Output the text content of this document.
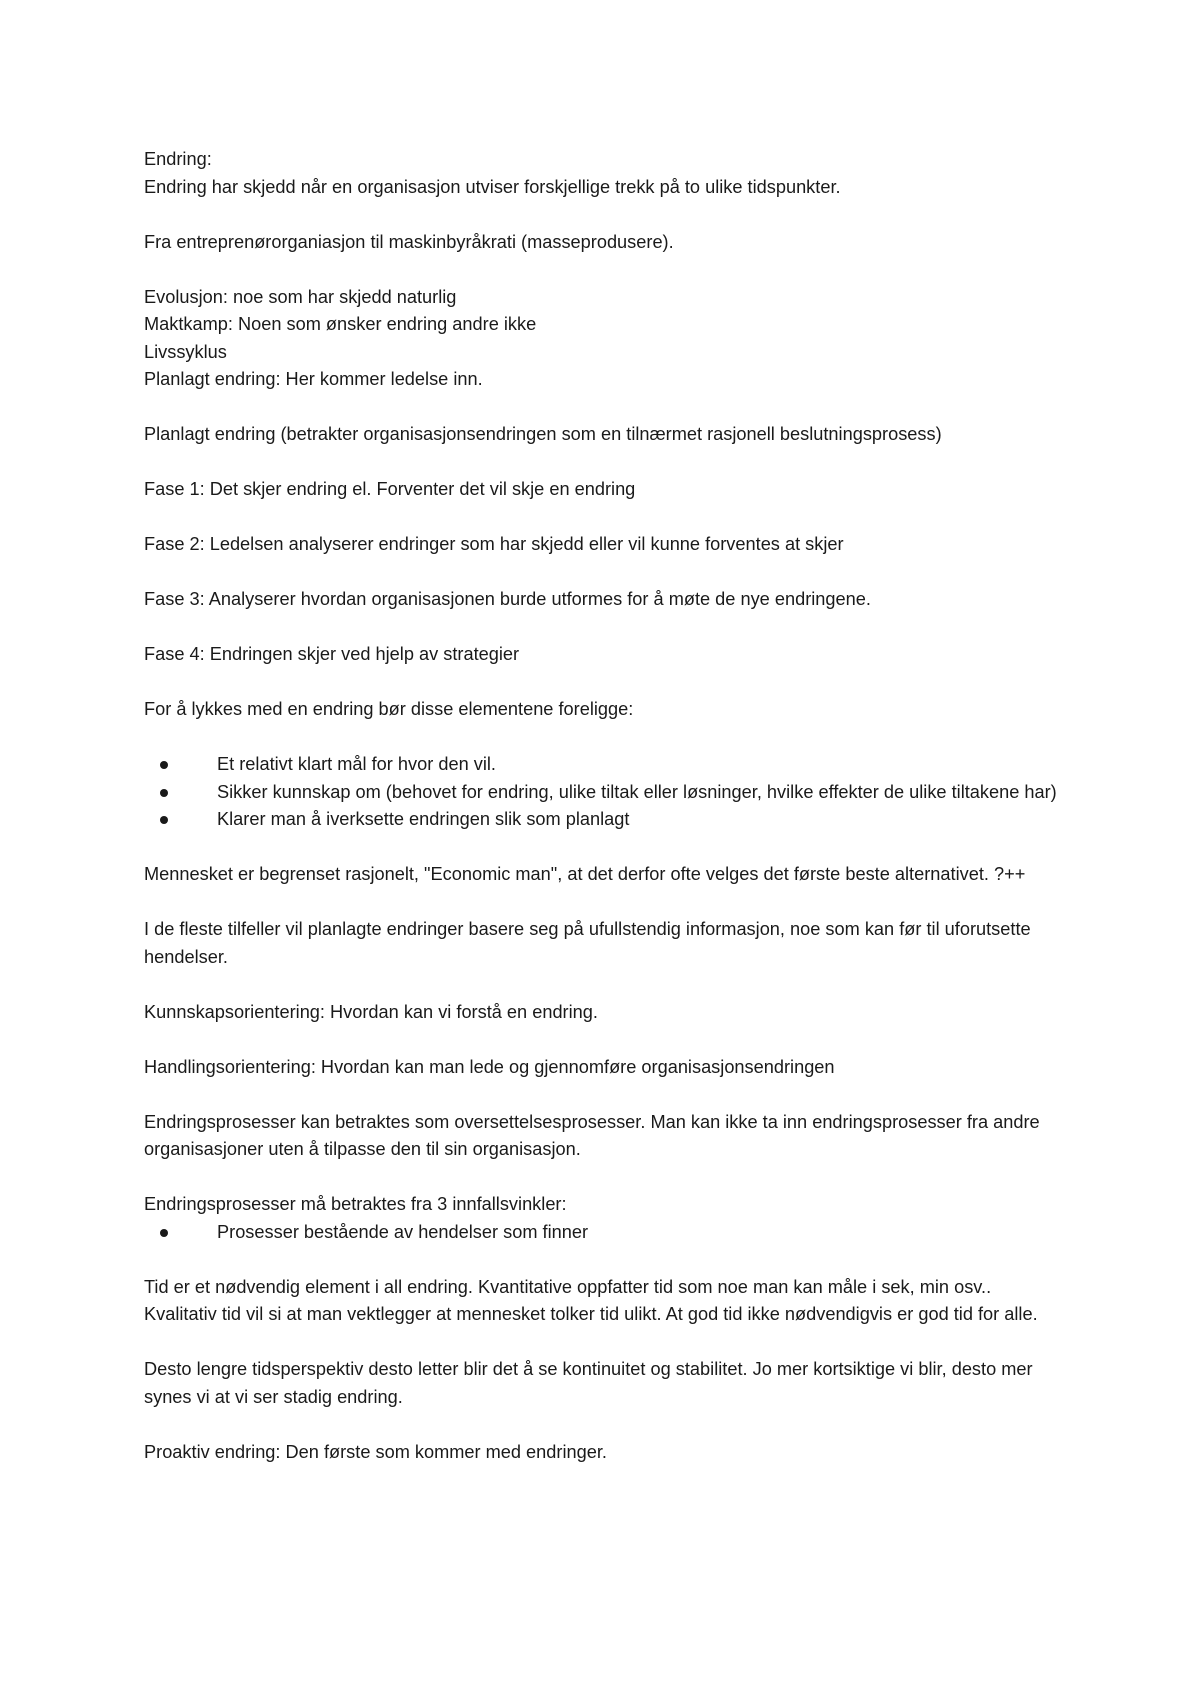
Endring:

Endring har skjedd når en organisasjon utviser forskjellige trekk på to ulike tidspunkter.

Fra entreprenørorganiasjon til maskinbyråkrati (masseprodusere).

Evolusjon: noe som har skjedd naturlig

Maktkamp: Noen som ønsker endring andre ikke

Livssyklus

Planlagt endring: Her kommer ledelse inn.

Planlagt endring (betrakter organisasjonsendringen som en tilnærmet rasjonell beslutningsprosess)

Fase 1: Det skjer endring el. Forventer det vil skje en endring

Fase 2: Ledelsen analyserer endringer som har skjedd eller vil kunne forventes at skjer

Fase 3: Analyserer hvordan organisasjonen burde utformes for å møte de nye endringene.

Fase 4: Endringen skjer ved hjelp av strategier

For å lykkes med en endring bør disse elementene foreligge:

Et relativt klart mål for hvor den vil.
Sikker kunnskap om (behovet for endring, ulike tiltak eller løsninger, hvilke effekter de ulike tiltakene har)
Klarer man å iverksette endringen slik som planlagt

Mennesket er begrenset rasjonelt, "Economic man", at det derfor ofte velges det første beste alternativet. ?++

I de fleste tilfeller vil planlagte endringer basere seg på ufullstendig informasjon, noe som kan før til uforutsette hendelser.

Kunnskapsorientering: Hvordan kan vi forstå en endring.

Handlingsorientering: Hvordan kan man lede og gjennomføre organisasjonsendringen

Endringsprosesser kan betraktes som oversettelsesprosesser. Man kan ikke ta inn endringsprosesser fra andre organisasjoner uten å tilpasse den til sin organisasjon.

Endringsprosesser må betraktes fra 3 innfallsvinkler:

Prosesser bestående av hendelser som finner

Tid er et nødvendig element i all endring. Kvantitative oppfatter tid som noe man kan måle i sek, min osv..

Kvalitativ tid vil si at man vektlegger at mennesket tolker tid ulikt. At god tid ikke nødvendigvis er god tid for alle.

Desto lengre tidsperspektiv desto letter blir det å se kontinuitet og stabilitet. Jo mer kortsiktige vi blir, desto mer synes vi at vi ser stadig endring.

Proaktiv endring: Den første som kommer med endringer.
